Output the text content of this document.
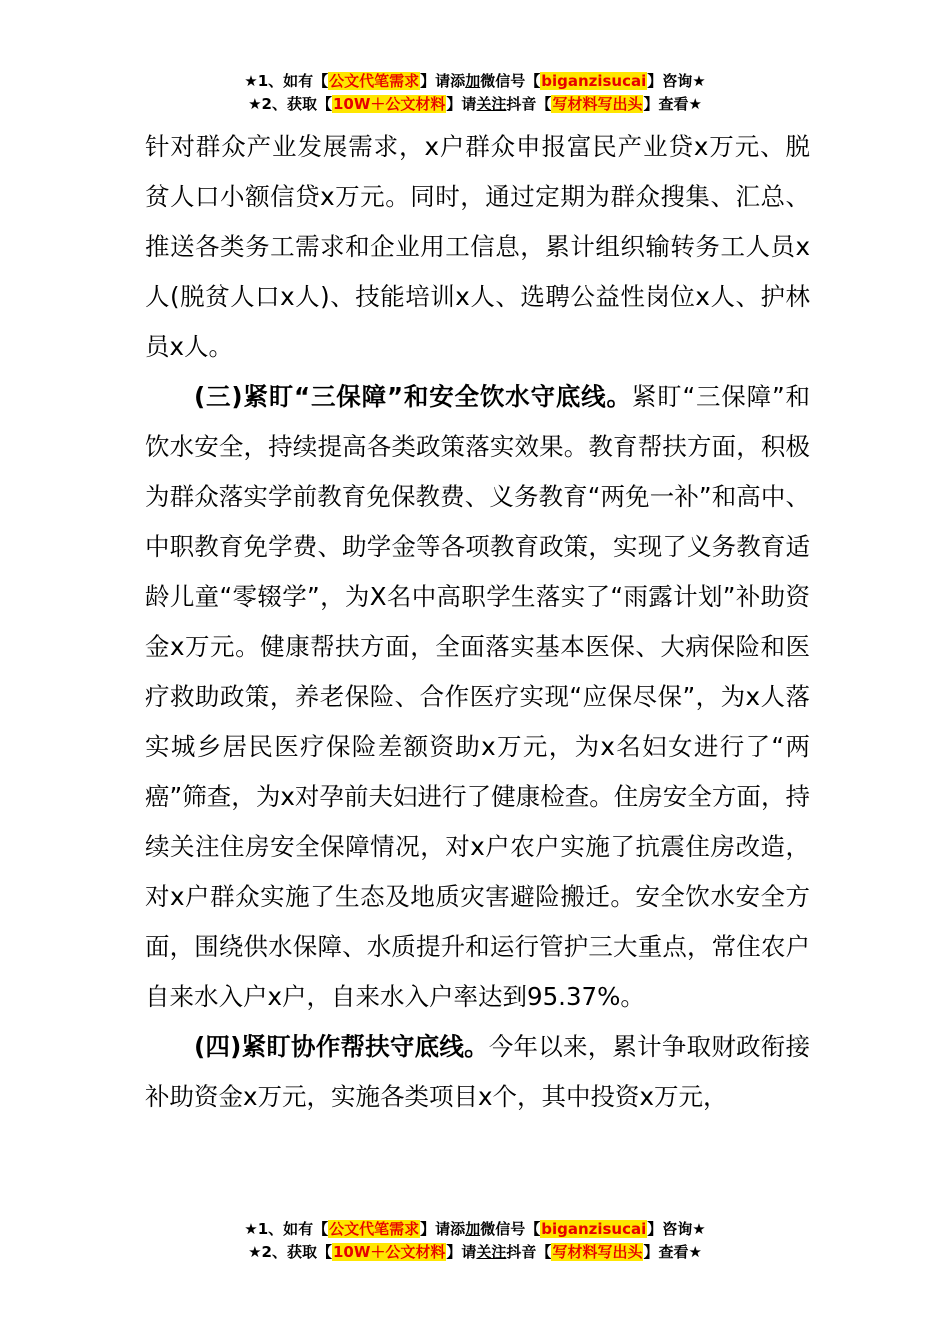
★1、如有【公文代笔需求】请添加微信号【biganzisucai】咨询★
★2、获取【10W＋公文材料】请关注抖音【写材料写出头】查看★

针对群众产业发展需求，x户群众申报富民产业贷x万元、脱贫人口小额信贷x万元。同时，通过定期为群众搜集、汇总、推送各类务工需求和企业用工信息，累计组织输转务工人员x人(脱贫人口x人)、技能培训x人、选聘公益性岗位x人、护林员x人。

(三)紧盯“三保障”和安全饮水守底线。紧盯“三保障”和饮水安全，持续提高各类政策落实效果。教育帮扶方面，积极为群众落实学前教育免保教费、义务教育“两免一补”和高中、中职教育免学费、助学金等各项教育政策，实现了义务教育适龄儿童“零辍学”，为X名中高职学生落实了“雨露计划”补助资金x万元。健康帮扶方面，全面落实基本医保、大病保险和医疗救助政策，养老保险、合作医疗实现“应保尽保”，为x人落实城乡居民医疗保险差额资助x万元，为x名妇女进行了“两癌”筛查，为x对孕前夫妇进行了健康检查。住房安全方面，持续关注住房安全保障情况，对x户农户实施了抗震住房改造，对x户群众实施了生态及地质灾害避险搬迁。安全饮水安全方面，围绕供水保障、水质提升和运行管护三大重点，常住农户自来水入户x户，自来水入户率达到95.37%。

(四)紧盯协作帮扶守底线。今年以来，累计争取财政衔接补助资金x万元，实施各类项目x个，其中投资x万元，

★1、如有【公文代笔需求】请添加微信号【biganzisucai】咨询★
★2、获取【10W＋公文材料】请关注抖音【写材料写出头】查看★
